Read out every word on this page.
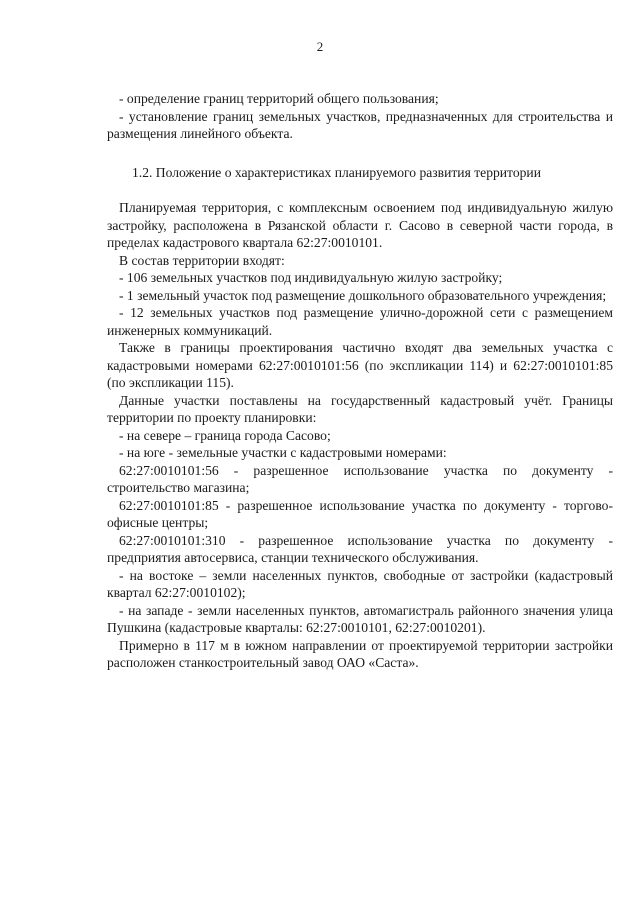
2

- определение границ территорий общего пользования;

- установление границ земельных участков, предназначенных для строительства и размещения линейного объекта.

1.2. Положение о характеристиках планируемого развития территории

Планируемая территория, с комплексным освоением под индивидуальную жилую застройку, расположена в Рязанской области г. Сасово в северной части города, в пределах кадастрового квартала 62:27:0010101.

В состав территории входят:

- 106 земельных участков под индивидуальную жилую застройку;

- 1 земельный участок под размещение дошкольного образовательного учреждения;

- 12 земельных участков под размещение улично-дорожной сети с размещением инженерных коммуникаций.

Также в границы проектирования частично входят два земельных участка с кадастровыми номерами 62:27:0010101:56 (по экспликации 114) и 62:27:0010101:85 (по экспликации 115).

Данные участки поставлены на государственный кадастровый учёт. Границы территории по проекту планировки:

- на севере – граница города Сасово;

- на юге - земельные участки с кадастровыми номерами:

62:27:0010101:56 - разрешенное использование участка по документу - строительство магазина;

62:27:0010101:85 - разрешенное использование участка по документу - торгово-офисные центры;

62:27:0010101:310 - разрешенное использование участка по документу - предприятия автосервиса, станции технического обслуживания.

- на востоке – земли населенных пунктов, свободные от застройки (кадастровый квартал 62:27:0010102);

- на западе - земли населенных пунктов, автомагистраль районного значения улица Пушкина (кадастровые кварталы: 62:27:0010101, 62:27:0010201).

Примерно в 117 м в южном направлении от проектируемой территории застройки расположен станкостроительный завод ОАО «Саста».
